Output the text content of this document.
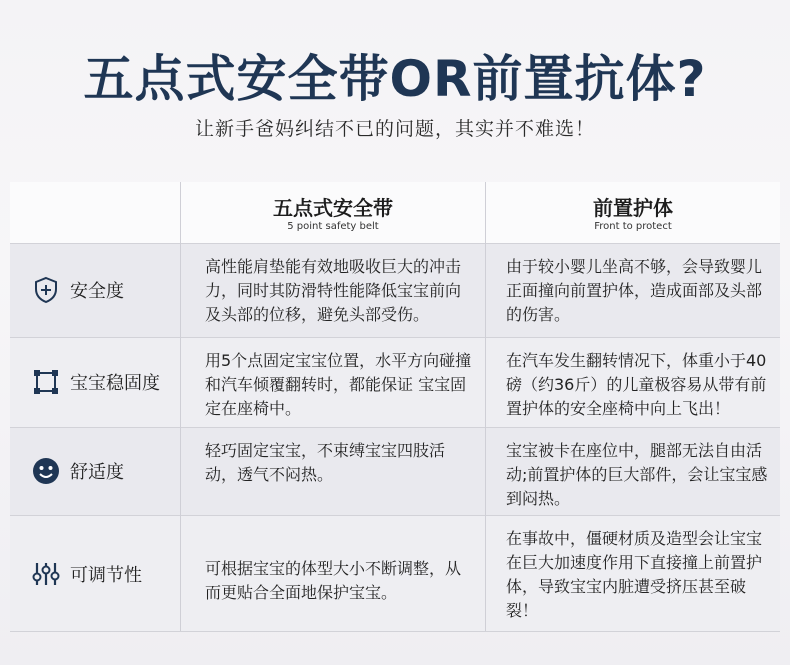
五点式安全带OR前置抗体?
让新手爸妈纠结不已的问题，其实并不难选！
五点式安全带
5 point safety belt
前置护体
Front to protect
安全度
高性能肩垫能有效地吸收巨大的冲击力，同时其防滑特性能降低宝宝前向及头部的位移，避免头部受伤。
由于较小婴儿坐高不够，会导致婴儿正面撞向前置护体，造成面部及头部的伤害。
宝宝稳固度
用5个点固定宝宝位置，水平方向碰撞和汽车倾覆翻转时，都能保证 宝宝固定在座椅中。
在汽车发生翻转情况下，体重小于40磅（约36斤）的儿童极容易从带有前置护体的安全座椅中向上飞出！
舒适度
轻巧固定宝宝，不束缚宝宝四肢活动，透气不闷热。
宝宝被卡在座位中，腿部无法自由活动;前置护体的巨大部件，会让宝宝感到闷热。
可调节性	可根据宝宝的体型大小不断调整，从而更贴合全面地保护宝宝。
在事故中，僵硬材质及造型会让宝宝在巨大加速度作用下直接撞上前置护体，导致宝宝内脏遭受挤压甚至破裂！
